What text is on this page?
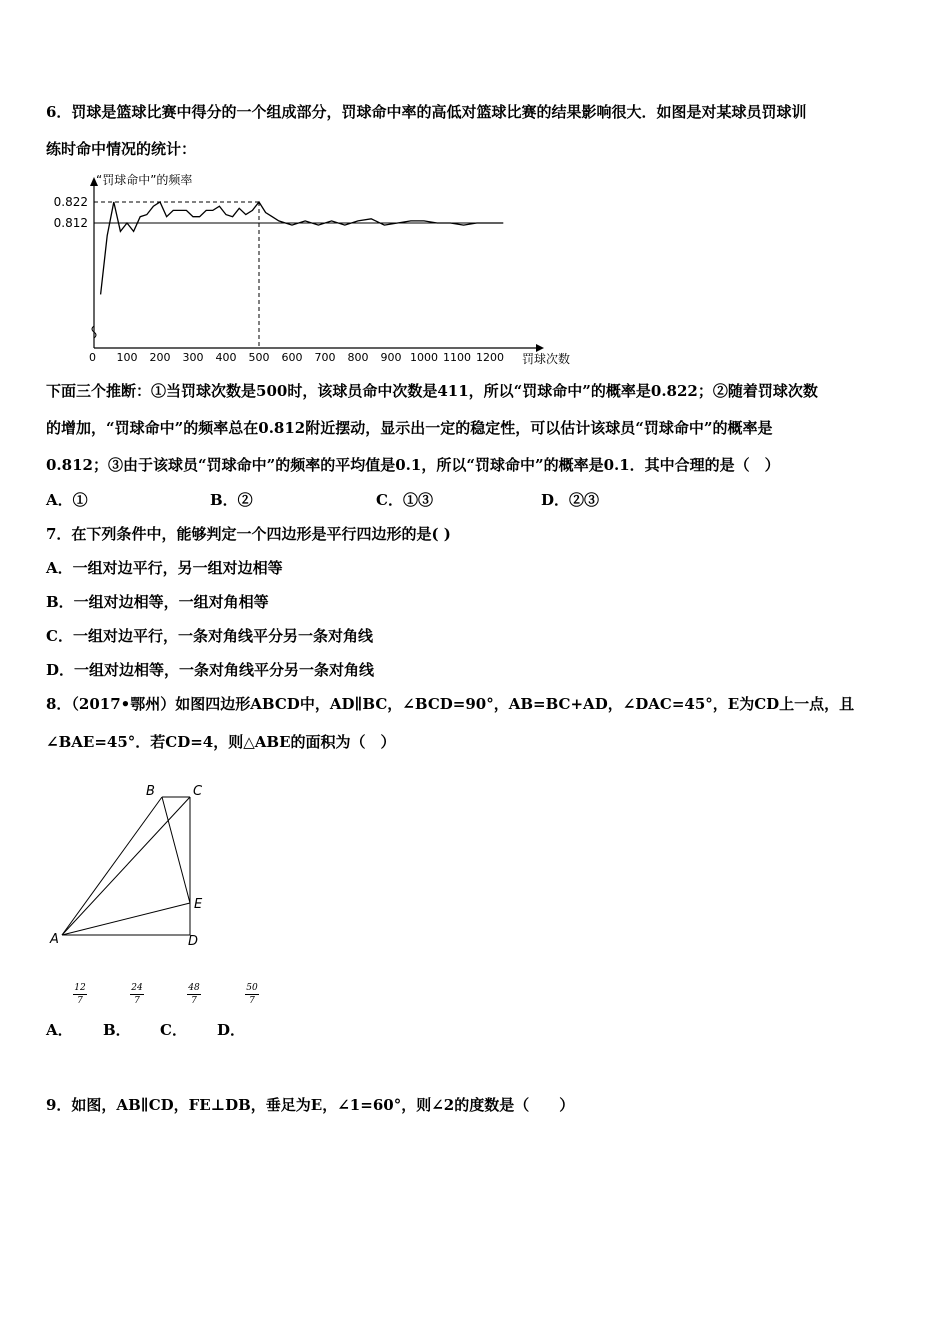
6．罚球是篮球比赛中得分的一个组成部分，罚球命中率的高低对篮球比赛的结果影响很大．如图是对某球员罚球训
练时命中情况的统计：
“罚球命中”的频率
罚球次数
0 100 200 300 400 500 600 700 800 900 1000 1100 1200
0.812
0.822
下面三个推断：①当罚球次数是500时，该球员命中次数是411，所以“罚球命中”的概率是0.822；②随着罚球次数
的增加，“罚球命中”的频率总在0.812附近摆动，显示出一定的稳定性，可以估计该球员“罚球命中”的概率是
0.812；③由于该球员“罚球命中”的频率的平均值是0.1，所以“罚球命中”的概率是0.1．其中合理的是（　）
A．①	B．②	C．①③	D．②③
7．在下列条件中，能够判定一个四边形是平行四边形的是( )
A．一组对边平行，另一组对边相等
B．一组对边相等，一组对角相等
C．一组对边平行，一条对角线平分另一条对角线
D．一组对边相等，一条对角线平分另一条对角线
8．（2017•鄂州）如图四边形ABCD中，AD∥BC，∠BCD=90°，AB=BC+AD，∠DAC=45°，E为CD上一点，且
∠BAE=45°．若CD=4，则△ABE的面积为（　）
B	C
E
A	D
12
7
24
7
48
7
50
7
A． B． C． D．
9．如图，AB∥CD，FE⊥DB，垂足为E，∠1=60°，则∠2的度数是（　　）
